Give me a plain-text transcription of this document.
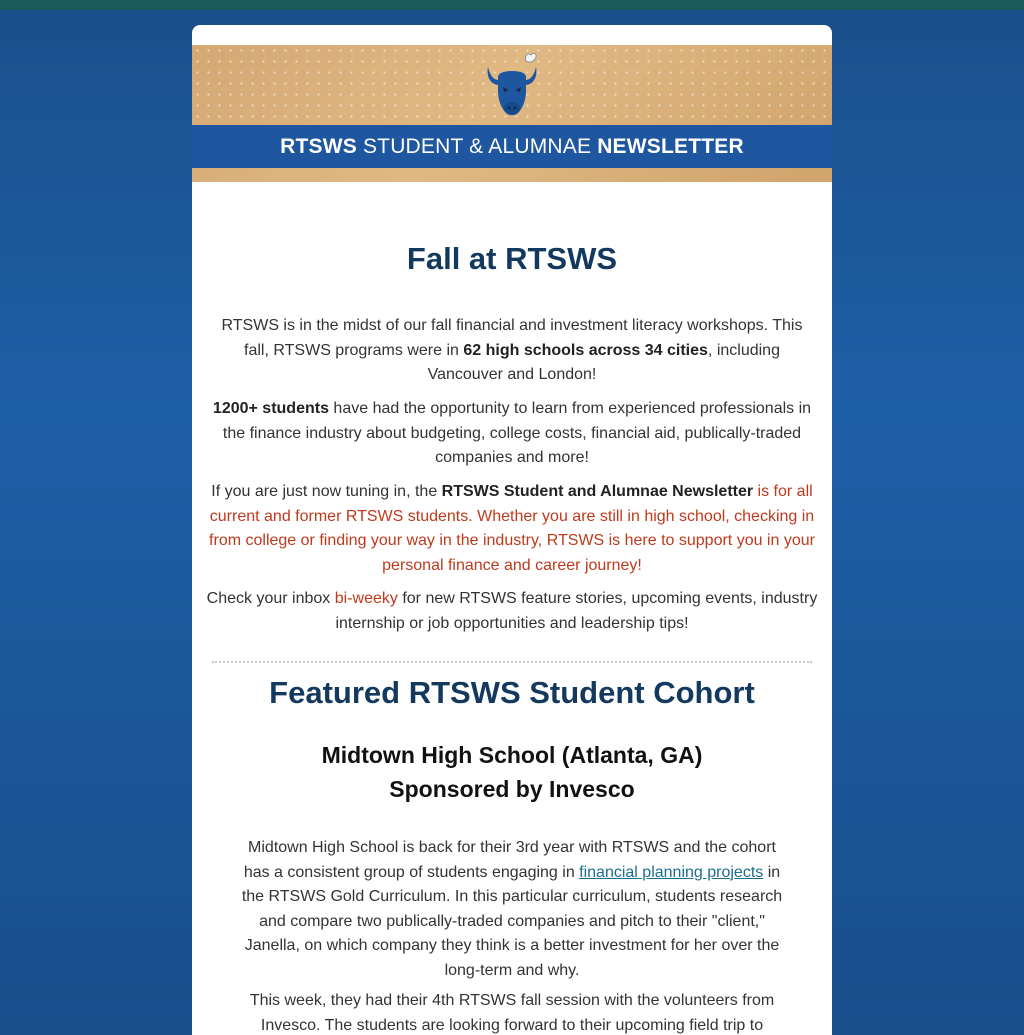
RTSWS STUDENT & ALUMNAE NEWSLETTER
Fall at RTSWS

RTSWS is in the midst of our fall financial and investment literacy workshops. This fall, RTSWS programs were in 62 high schools across 34 cities, including Vancouver and London!

1200+ students have had the opportunity to learn from experienced professionals in the finance industry about budgeting, college costs, financial aid, publically-traded companies and more!

If you are just now tuning in, the RTSWS Student and Alumnae Newsletter is for all current and former RTSWS students. Whether you are still in high school, checking in from college or finding your way in the industry, RTSWS is here to support you in your personal finance and career journey!

Check your inbox bi-weeky for new RTSWS feature stories, upcoming events, industry internship or job opportunities and leadership tips!

Featured RTSWS Student Cohort
Midtown High School (Atlanta, GA)
Sponsored by Invesco

Midtown High School is back for their 3rd year with RTSWS and the cohort has a consistent group of students engaging in financial planning projects in the RTSWS Gold Curriculum. In this particular curriculum, students research and compare two publically-traded companies and pitch to their "client," Janella, on which company they think is a better investment for her over the long-term and why.

This week, they had their 4th RTSWS fall session with the volunteers from Invesco. The students are looking forward to their upcoming field trip to
